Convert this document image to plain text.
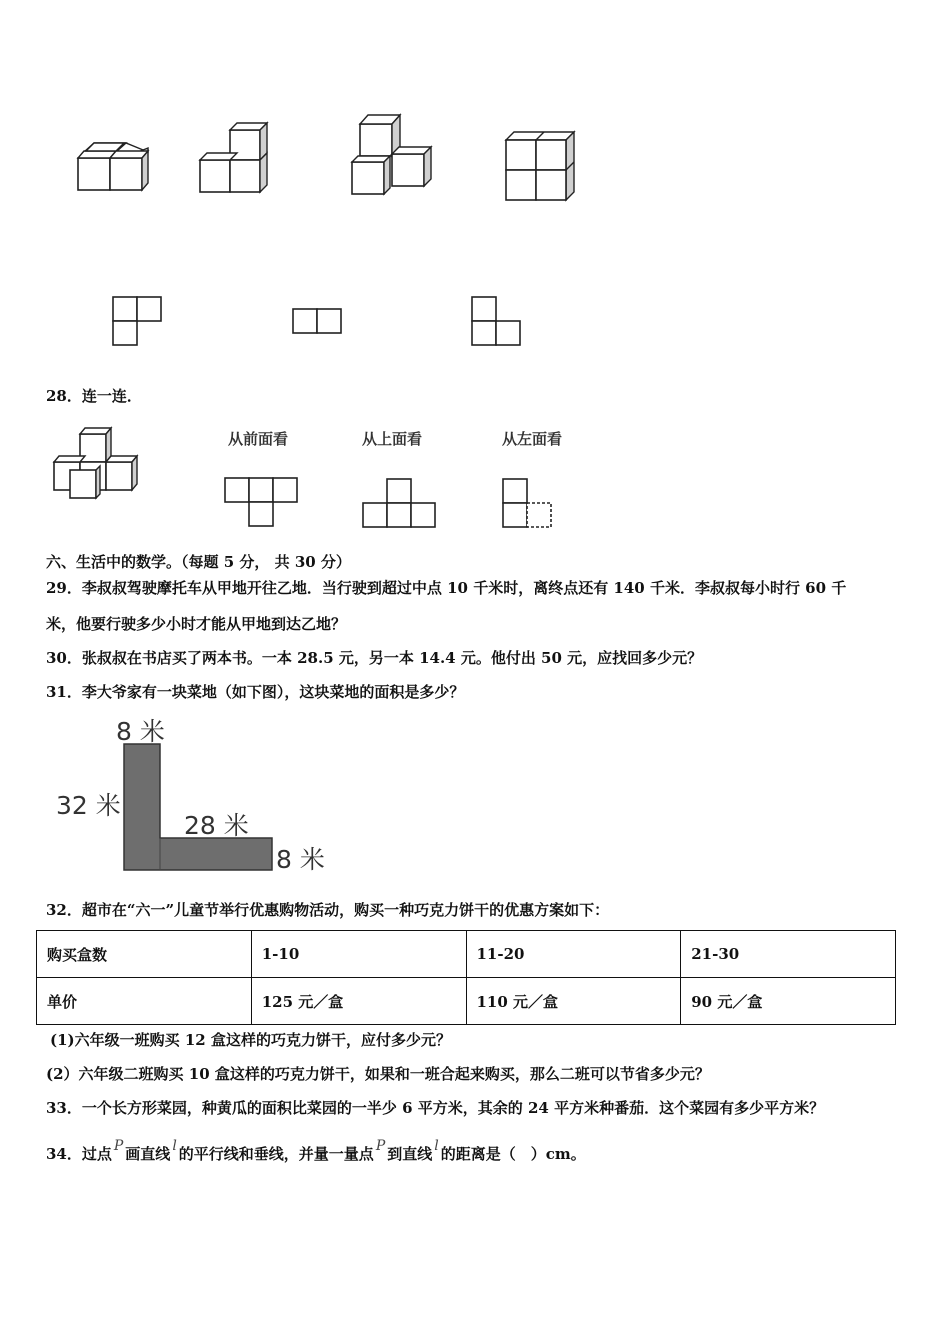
28．连一连．
从前面看	从上面看	从左面看
六、生活中的数学。（每题 5 分， 共 30 分）
29．李叔叔驾驶摩托车从甲地开往乙地．当行驶到超过中点 10 千米时，离终点还有 140 千米．李叔叔每小时行 60 千
米，他要行驶多少小时才能从甲地到达乙地？
30．张叔叔在书店买了两本书。一本 28.5 元，另一本 14.4 元。他付出 50 元，应找回多少元？
31．李大爷家有一块菜地（如下图），这块菜地的面积是多少？
8 米
32 米
28 米
8 米
32．超市在“六一”儿童节举行优惠购物活动，购买一种巧克力饼干的优惠方案如下：
购买盒数	1-10	11-20	21-30
单价	125 元／盒	110 元／盒	90 元／盒
(1)六年级一班购买 12 盒这样的巧克力饼干，应付多少元？
(2）六年级二班购买 10 盒这样的巧克力饼干，如果和一班合起来购买，那么二班可以节省多少元？
33．一个长方形菜园，种黄瓜的面积比菜园的一半少 6 平方米，其余的 24 平方米种番茄．这个菜园有多少平方米？
34．过点 P 画直线 l 的平行线和垂线，并量一量点 P 到直线 l 的距离是（　）cm。
